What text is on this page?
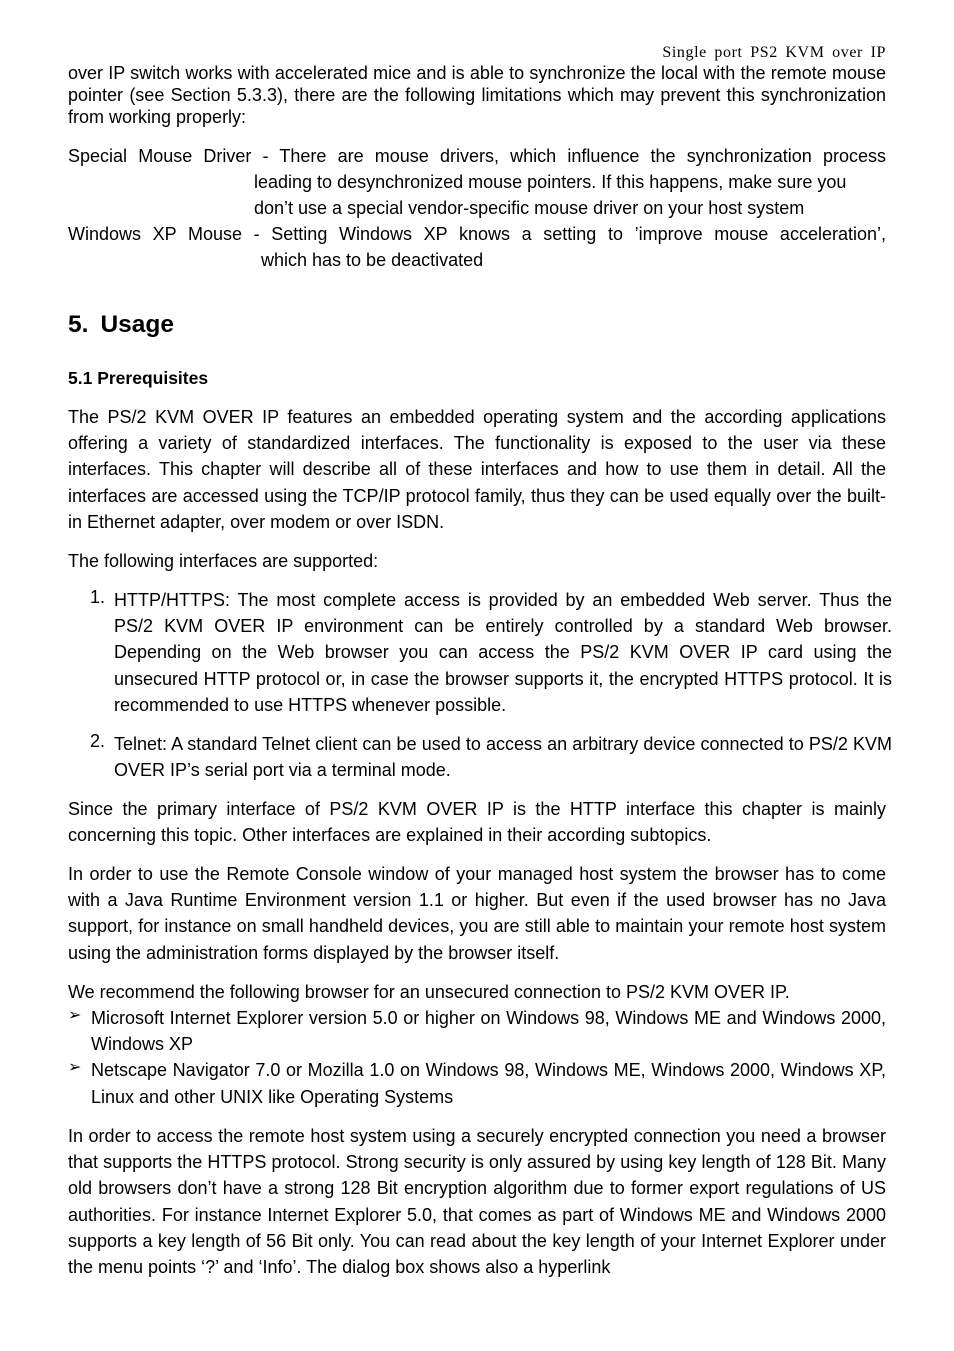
Single port PS2 KVM over IP

over IP switch works with accelerated mice and is able to synchronize the local with the remote mouse pointer (see Section 5.3.3), there are the following limitations which may prevent this synchronization from working properly:

Special Mouse Driver - There are mouse drivers, which influence the synchronization process
leading to desynchronized mouse pointers. If this happens, make sure you
don’t use a special vendor-specific mouse driver on your host system
Windows XP Mouse - Setting Windows XP knows a setting to ’improve mouse acceleration’,
which has to be deactivated
5. Usage
5.1 Prerequisites

The PS/2 KVM OVER IP features an embedded operating system and the according applications offering a variety of standardized interfaces. The functionality is exposed to the user via these interfaces. This chapter will describe all of these interfaces and how to use them in detail. All the interfaces are accessed using the TCP/IP protocol family, thus they can be used equally over the built-in Ethernet adapter, over modem or over ISDN.

The following interfaces are supported:

1. HTTP/HTTPS: The most complete access is provided by an embedded Web server. Thus the PS/2 KVM OVER IP environment can be entirely controlled by a standard Web browser. Depending on the Web browser you can access the PS/2 KVM OVER IP card using the unsecured HTTP protocol or, in case the browser supports it, the encrypted HTTPS protocol. It is recommended to use HTTPS whenever possible.

2. Telnet: A standard Telnet client can be used to access an arbitrary device connected to PS/2 KVM OVER IP’s serial port via a terminal mode.

Since the primary interface of PS/2 KVM OVER IP is the HTTP interface this chapter is mainly concerning this topic. Other interfaces are explained in their according subtopics.

In order to use the Remote Console window of your managed host system the browser has to come with a Java Runtime Environment version 1.1 or higher. But even if the used browser has no Java support, for instance on small handheld devices, you are still able to maintain your remote host system using the administration forms displayed by the browser itself.

We recommend the following browser for an unsecured connection to PS/2 KVM OVER IP.

➢ Microsoft Internet Explorer version 5.0 or higher on Windows 98, Windows ME and Windows 2000, Windows XP

➢ Netscape Navigator 7.0 or Mozilla 1.0 on Windows 98, Windows ME, Windows 2000, Windows XP, Linux and other UNIX like Operating Systems

In order to access the remote host system using a securely encrypted connection you need a browser that supports the HTTPS protocol. Strong security is only assured by using key length of 128 Bit. Many old browsers don’t have a strong 128 Bit encryption algorithm due to former export regulations of US authorities. For instance Internet Explorer 5.0, that comes as part of Windows ME and Windows 2000 supports a key length of 56 Bit only. You can read about the key length of your Internet Explorer under the menu points ‘?’ and ‘Info’. The dialog box shows also a hyperlink
